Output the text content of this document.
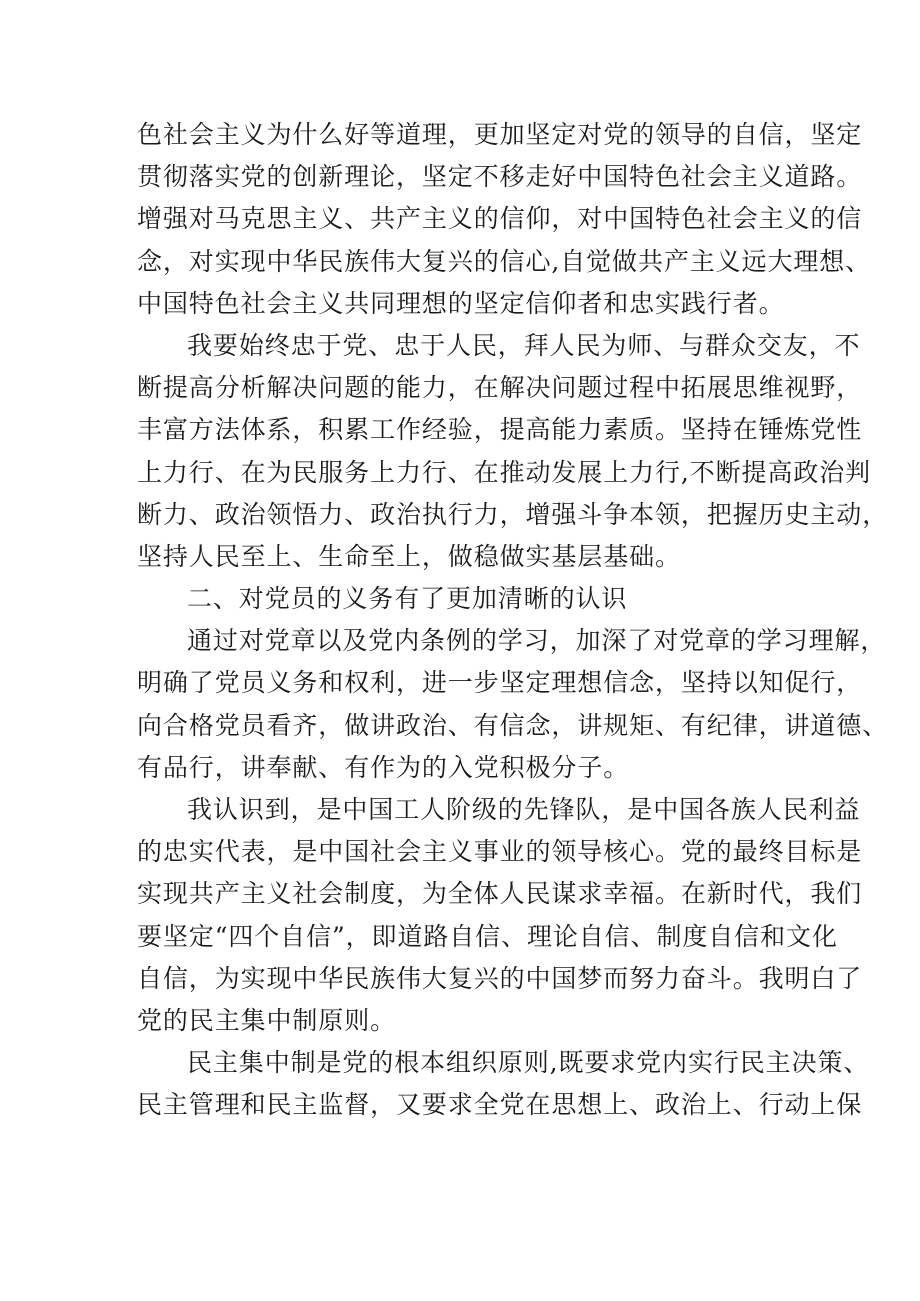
色社会主义为什么好等道理，更加坚定对党的领导的自信，坚定
贯彻落实党的创新理论，坚定不移走好中国特色社会主义道路。
增强对马克思主义、共产主义的信仰，对中国特色社会主义的信
念，对实现中华民族伟大复兴的信心,自觉做共产主义远大理想、
中国特色社会主义共同理想的坚定信仰者和忠实践行者。

我要始终忠于党、忠于人民，拜人民为师、与群众交友，不
断提高分析解决问题的能力，在解决问题过程中拓展思维视野，
丰富方法体系，积累工作经验，提高能力素质。坚持在锤炼党性
上力行、在为民服务上力行、在推动发展上力行,不断提高政治判
断力、政治领悟力、政治执行力，增强斗争本领，把握历史主动，
坚持人民至上、生命至上，做稳做实基层基础。

二、对党员的义务有了更加清晰的认识

通过对党章以及党内条例的学习，加深了对党章的学习理解，
明确了党员义务和权利，进一步坚定理想信念，坚持以知促行，
向合格党员看齐，做讲政治、有信念，讲规矩、有纪律，讲道德、
有品行，讲奉献、有作为的入党积极分子。

我认识到，是中国工人阶级的先锋队，是中国各族人民利益
的忠实代表，是中国社会主义事业的领导核心。党的最终目标是
实现共产主义社会制度，为全体人民谋求幸福。在新时代，我们
要坚定“四个自信”，即道路自信、理论自信、制度自信和文化
自信，为实现中华民族伟大复兴的中国梦而努力奋斗。我明白了
党的民主集中制原则。

民主集中制是党的根本组织原则,既要求党内实行民主决策、
民主管理和民主监督，又要求全党在思想上、政治上、行动上保
